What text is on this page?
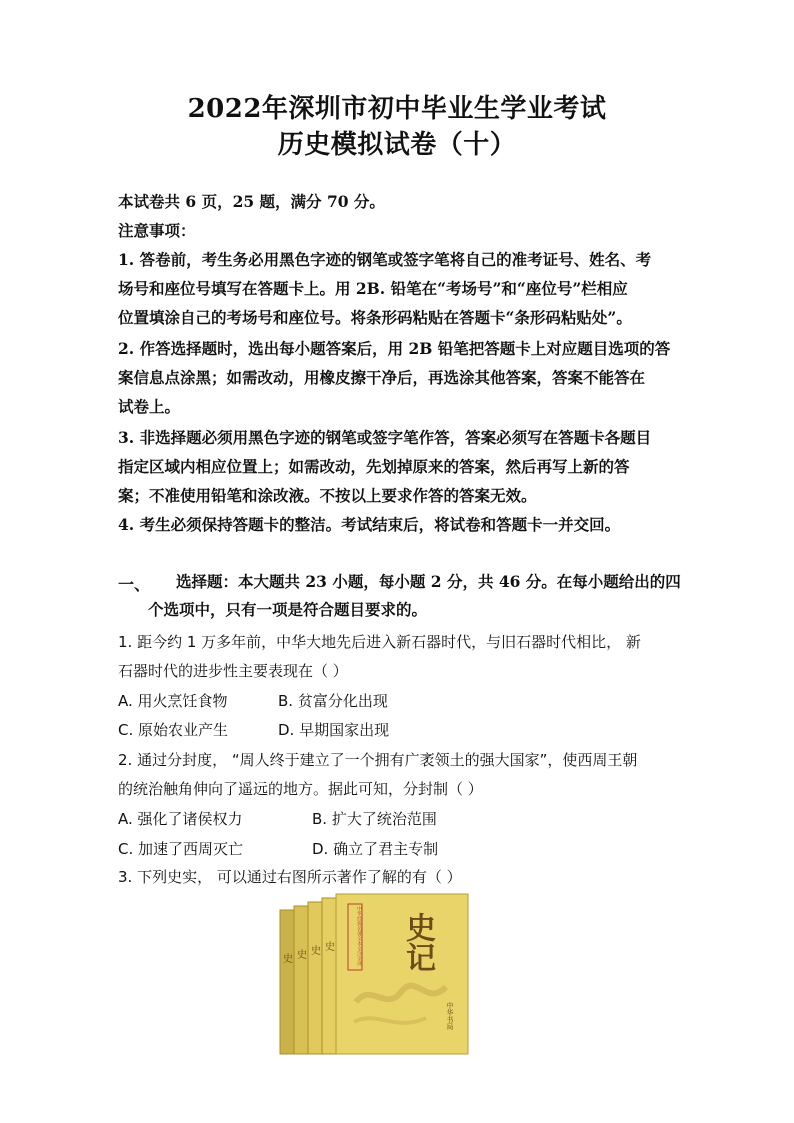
2022年深圳市初中毕业生学业考试
历史模拟试卷（十）
本试卷共 6 页，25 题，满分 70 分。
注意事项：
1. 答卷前，考生务必用黑色字迹的钢笔或签字笔将自己的准考证号、姓名、考
场号和座位号填写在答题卡上。用 2B. 铅笔在“考场号”和“座位号”栏相应
位置填涂自己的考场号和座位号。将条形码粘贴在答题卡“条形码粘贴处”。
2. 作答选择题时，选出每小题答案后，用 2B 铅笔把答题卡上对应题目选项的答
案信息点涂黑；如需改动，用橡皮擦干净后，再选涂其他答案，答案不能答在
试卷上。
3. 非选择题必须用黑色字迹的钢笔或签字笔作答，答案必须写在答题卡各题目
指定区域内相应位置上；如需改动，先划掉原来的答案，然后再写上新的答
案；不准使用铅笔和涂改液。不按以上要求作答的答案无效。
4. 考生必须保持答题卡的整洁。考试结束后，将试卷和答题卡一并交回。
一、 选择题：本大题共 23 小题，每小题 2 分，共 46 分。在每小题给出的四
个选项中，只有一项是符合题目要求的。
1. 距今约 1 万多年前，中华大地先后进入新石器时代，与旧石器时代相比， 新
石器时代的进步性主要表现在（ ）
A. 用火烹饪食物	B. 贫富分化出现
C. 原始农业产生	D. 早期国家出现
2. 通过分封度， “周人终于建立了一个拥有广袤领土的强大国家”，使西周王朝
的统治触角伸向了遥远的地方。据此可知，分封制（ ）
A. 强化了诸侯权力	B. 扩大了统治范围
C. 加速了西周灭亡	D. 确立了君主专制
3. 下列史实， 可以通过右图所示著作了解的有（ ）
史 史 史 史 史记
中华经典名著全本全注全译
中华书局
